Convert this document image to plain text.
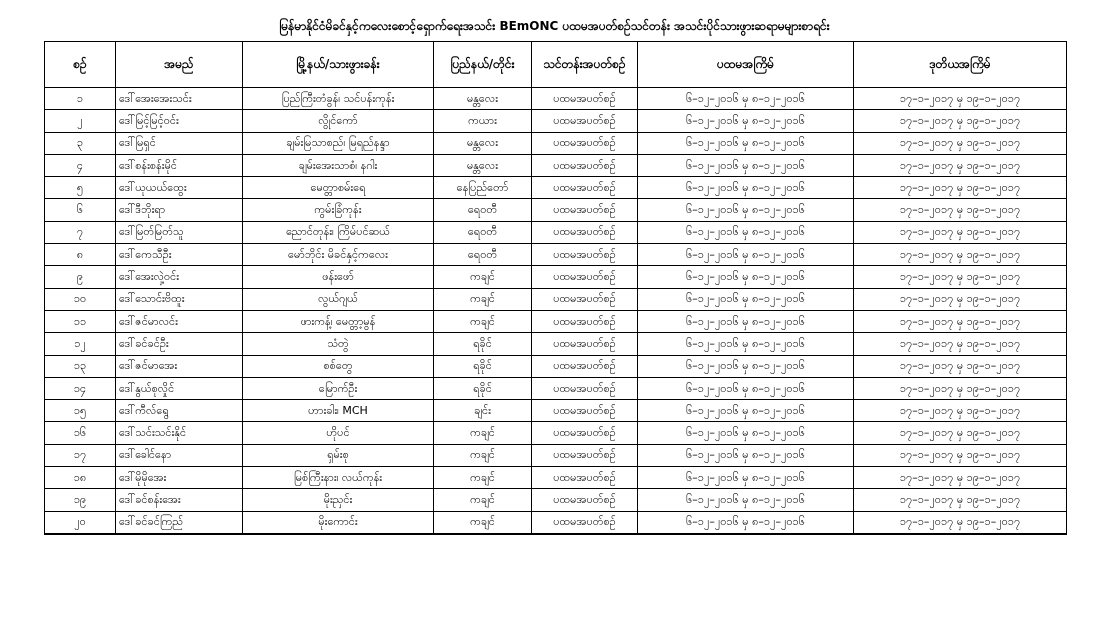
မြန်မာနိုင်ငံမိခင်နှင့်ကလေးစောင့်ရှောက်ရေးအသင်း BEmONC ပထမအပတ်စဉ်သင်တန်း အသင်းပိုင်သားဖွားဆရာမများစာရင်း
စဉ်	အမည်	မြို့နယ်/သားဖွားခန်း	ပြည်နယ်/တိုင်း	သင်တန်းအပတ်စဉ်	ပထမအကြိမ်	ဒုတိယအကြိမ်
၁	ဒေါ်အေးအေးသင်း	ပြည်ကြီးတံခွန်၊ သင်ပန်းကုန်း	မန္တလေး	ပထမအပတ်စဉ်	၆–၁၂–၂၀၁၆ မှ ၈–၁၂–၂၀၁၆	၁၇–၁–၂၀၁၇ မှ ၁၉–၁–၂၀၁၇
၂	ဒေါ်မြင့်မြင့်ဝင်း	လွိုင်ကော်	ကယား	ပထမအပတ်စဉ်	၆–၁၂–၂၀၁၆ မှ ၈–၁၂–၂၀၁၆	၁၇–၁–၂၀၁၇ မှ ၁၉–၁–၂၀၁၇
၃	ဒေါ်မြရှင်	ချမ်းမြသာစည်၊ မြရည်နန္ဒာ	မန္တလေး	ပထမအပတ်စဉ်	၆–၁၂–၂၀၁၆ မှ ၈–၁၂–၂၀၁၆	၁၇–၁–၂၀၁၇ မှ ၁၉–၁–၂၀၁၇
၄	ဒေါ်စန်းစန်းမိုင်	ချမ်းအေးသာစံ၊ နဂါး	မန္တလေး	ပထမအပတ်စဉ်	၆–၁၂–၂၀၁၆ မှ ၈–၁၂–၂၀၁၆	၁၇–၁–၂၀၁၇ မှ ၁၉–၁–၂၀၁၇
၅	ဒေါ်ယုယယ်ထွေး	မေတ္တာစမ်းရေ	နေပြည်တော်	ပထမအပတ်စဉ်	၆–၁၂–၂၀၁၆ မှ ၈–၁၂–၂၀၁၆	၁၇–၁–၂၀၁၇ မှ ၁၉–၁–၂၀၁၇
၆	ဒေါ်ဒီဘိုးရာ	ကွမ်းခြံကုန်း	ရေ၀တီ	ပထမအပတ်စဉ်	၆–၁၂–၂၀၁၆ မှ ၈–၁၂–၂၀၁၆	၁၇–၁–၂၀၁၇ မှ ၁၉–၁–၂၀၁၇
၇	ဒေါ်မြတ်မြတ်သူ	ညောင်တုန်း၊ ကြိမ်ပင်ဆယ်	ရေ၀တီ	ပထမအပတ်စဉ်	၆–၁၂–၂၀၁၆ မှ ၈–၁၂–၂၀၁၆	၁၇–၁–၂၀၁၇ မှ ၁၉–၁–၂၀၁၇
၈	ဒေါ်ကေသီဦး	မော်ဘိုင်း မိခင်နှင့်ကလေး	ရေ၀တီ	ပထမအပတ်စဉ်	၆–၁၂–၂၀၁၆ မှ ၈–၁၂–၂၀၁၆	၁၇–၁–၂၀၁၇ မှ ၁၉–၁–၂၀၁၇
၉	ဒေါ်အေးလှဲ့ဝင်း	ဖန်းဖော်	ကချင်	ပထမအပတ်စဉ်	၆–၁၂–၂၀၁၆ မှ ၈–၁၂–၂၀၁၆	၁၇–၁–၂၀၁၇ မှ ၁၉–၁–၂၀၁၇
၁၀	ဒေါ်သောင်းဗိထူး	လွယ်ဂျယ်	ကချင်	ပထမအပတ်စဉ်	၆–၁၂–၂၀၁၆ မှ ၈–၁၂–၂၀၁၆	၁၇–၁–၂၀၁၇ မှ ၁၉–၁–၂၀၁၇
၁၁	ဒေါ်ဇင်မာလင်း	ဖားကန့်၊ မေတ္တာ့မွန်	ကချင်	ပထမအပတ်စဉ်	၆–၁၂–၂၀၁၆ မှ ၈–၁၂–၂၀၁၆	၁၇–၁–၂၀၁၇ မှ ၁၉–၁–၂၀၁၇
၁၂	ဒေါ်ခင်ခင်ဦး	သံတွဲ	ရခိုင်	ပထမအပတ်စဉ်	၆–၁၂–၂၀၁၆ မှ ၈–၁၂–၂၀၁၆	၁၇–၁–၂၀၁၇ မှ ၁၉–၁–၂၀၁၇
၁၃	ဒေါ်ဇင်မာအေး	စစ်တွေ	ရခိုင်	ပထမအပတ်စဉ်	၆–၁၂–၂၀၁၆ မှ ၈–၁၂–၂၀၁၆	၁၇–၁–၂၀၁၇ မှ ၁၉–၁–၂၀၁၇
၁၄	ဒေါ်နွယ်စုလှိုင်	မြောက်ဦး	ရခိုင်	ပထမအပတ်စဉ်	၆–၁၂–၂၀၁၆ မှ ၈–၁၂–၂၀၁၆	၁၇–၁–၂၀၁၇ မှ ၁၉–၁–၂၀၁၇
၁၅	ဒေါ်ကီလ်ရွေ	ဟားခါး၊ MCH	ချင်း	ပထမအပတ်စဉ်	၆–၁၂–၂၀၁၆ မှ ၈–၁၂–၂၀၁၆	၁၇–၁–၂၀၁၇ မှ ၁၉–၁–၂၀၁၇
၁၆	ဒေါ်သင်းသင်းနိုင်	ဟိုပင်	ကချင်	ပထမအပတ်စဉ်	၆–၁၂–၂၀၁၆ မှ ၈–၁၂–၂၀၁၆	၁၇–၁–၂၀၁၇ မှ ၁၉–၁–၂၀၁၇
၁၇	ဒေါ်ခေါင်နော	ရှမ်းစု	ကချင်	ပထမအပတ်စဉ်	၆–၁၂–၂၀၁၆ မှ ၈–၁၂–၂၀၁၆	၁၇–၁–၂၀၁၇ မှ ၁၉–၁–၂၀၁၇
၁၈	ဒေါ်မိုမိုအေး	မြစ်ကြီးနား၊ လယ်ကုန်း	ကချင်	ပထမအပတ်စဉ်	၆–၁၂–၂၀၁၆ မှ ၈–၁၂–၂၀၁၆	၁၇–၁–၂၀၁၇ မှ ၁၉–၁–၂၀၁၇
၁၉	ဒေါ်ခင်စန်းအေး	မိုးညှင်း	ကချင်	ပထမအပတ်စဉ်	၆–၁၂–၂၀၁၆ မှ ၈–၁၂–၂၀၁၆	၁၇–၁–၂၀၁၇ မှ ၁၉–၁–၂၀၁၇
၂၀	ဒေါ်ခင်ခင်ကြည်	မိုးကောင်း	ကချင်	ပထမအပတ်စဉ်	၆–၁၂–၂၀၁၆ မှ ၈–၁၂–၂၀၁၆	၁၇–၁–၂၀၁၇ မှ ၁၉–၁–၂၀၁၇
